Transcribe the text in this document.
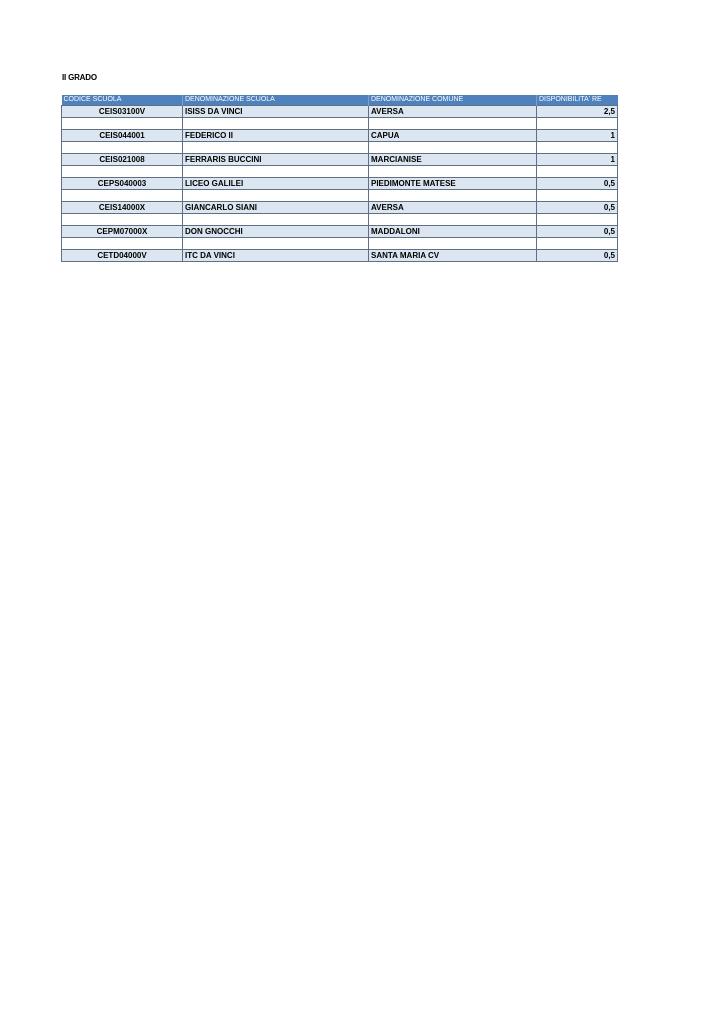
II GRADO
CODICE SCUOLA	DENOMINAZIONE SCUOLA	DENOMINAZIONE COMUNE	DISPONIBILITA' RE
CEIS03100V	ISISS DA VINCI	AVERSA	2,5

CEIS044001	FEDERICO II	CAPUA	1

CEIS021008	FERRARIS BUCCINI	MARCIANISE	1

CEPS040003	LICEO GALILEI	PIEDIMONTE MATESE	0,5

CEIS14000X	GIANCARLO SIANI	AVERSA	0,5

CEPM07000X	DON GNOCCHI	MADDALONI	0,5

CETD04000V	ITC DA VINCI	SANTA MARIA CV	0,5
